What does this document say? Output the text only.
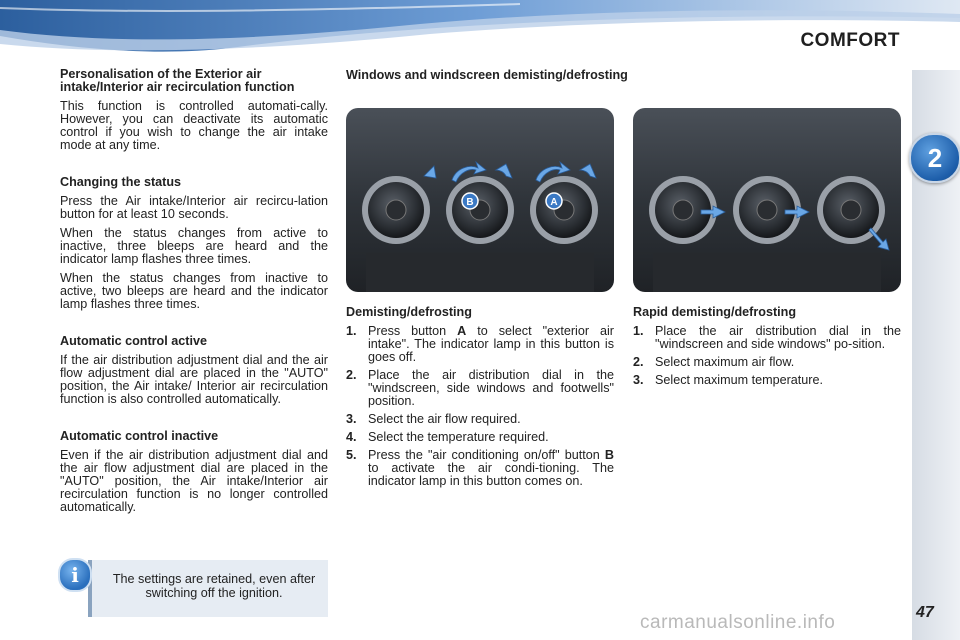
COMFORT
2
Personalisation of the Exterior air intake/Interior air recirculation function

This function is controlled automati-cally. However, you can deactivate its automatic control if you wish to change the air intake mode at any time.

Changing the status

Press the Air intake/Interior air recircu-lation button for at least 10 seconds.

When the status changes from active to inactive, three bleeps are heard and the indicator lamp flashes three times.

When the status changes from inactive to active, two bleeps are heard and the indicator lamp flashes three times.

Automatic control active

If the air distribution adjustment dial and the air flow adjustment dial are placed in the "AUTO" position, the Air intake/ Interior air recirculation function is also controlled automatically.

Automatic control inactive

Even if the air distribution adjustment dial and the air flow adjustment dial are placed in the "AUTO" position, the Air intake/Interior air recirculation function is no longer controlled automatically.

i	The settings are retained, even after switching off the ignition.
Windows and windscreen demisting/defrosting
B	A
Demisting/defrosting
1. Press button A to select "exterior air intake". The indicator lamp in this button is goes off.
2. Place the air distribution dial in the "windscreen, side windows and footwells" position.
3. Select the air flow required.
4. Select the temperature required.
5. Press the "air conditioning on/off" button B to activate the air condi-tioning. The indicator lamp in this button comes on.
Rapid demisting/defrosting
1. Place the air distribution dial in the "windscreen and side windows" po-sition.
2. Select maximum air flow.
3. Select maximum temperature.
47
carmanualsonline.info
